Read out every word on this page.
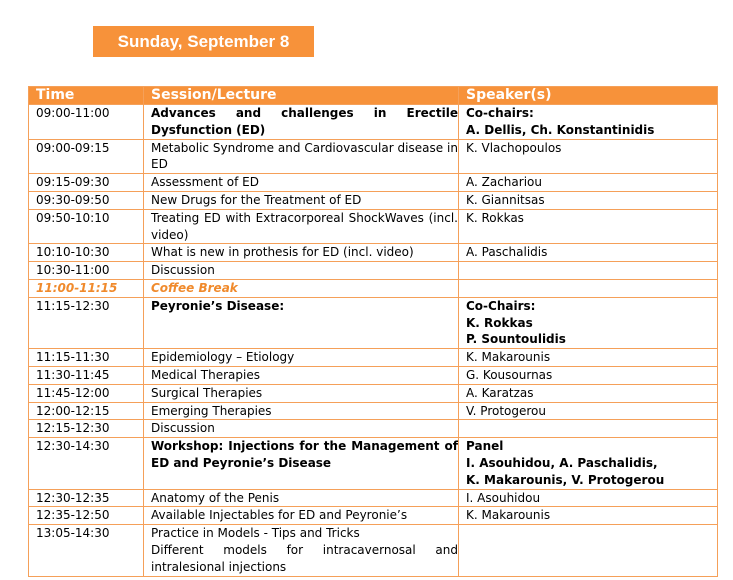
Sunday, September 8
Time	Session/Lecture	Speaker(s)
09:00-11:00	Advances and challenges in Erectile Dysfunction (ED)	Co-chairs:
A. Dellis, Ch. Konstantinidis

09:00-09:15	Metabolic Syndrome and Cardiovascular disease in ED	K. Vlachopoulos

09:15-09:30	Assessment of ED	A. Zachariou

09:30-09:50	New Drugs for the Treatment of ED	K. Giannitsas

09:50-10:10	Treating ED with Extracorporeal ShockWaves (incl. video)	K. Rokkas

10:10-10:30	What is new in prothesis for ED (incl. video)	A. Paschalidis

10:30-11:00	Discussion	
11:00-11:15	Coffee Break	
11:15-12:30	Peyronie’s Disease:	Co-Chairs:
K. Rokkas
P. Sountoulidis

11:15-11:30	Epidemiology – Etiology	K. Makarounis

11:30-11:45	Medical Therapies	G. Kousournas

11:45-12:00	Surgical Therapies	A. Karatzas

12:00-12:15	Emerging Therapies	V. Protogerou

12:15-12:30	Discussion	
12:30-14:30	Workshop: Injections for the Management of ED and Peyronie’s Disease	Panel
I. Asouhidou, A. Paschalidis,
K. Makarounis, V. Protogerou

12:30-12:35	Anatomy of the Penis	I. Asouhidou

12:35-12:50	Available Injectables for ED and Peyronie’s	K. Makarounis

13:05-14:30	Practice in Models - Tips and Tricks
Different models for intracavernosal and intralesional injections	
